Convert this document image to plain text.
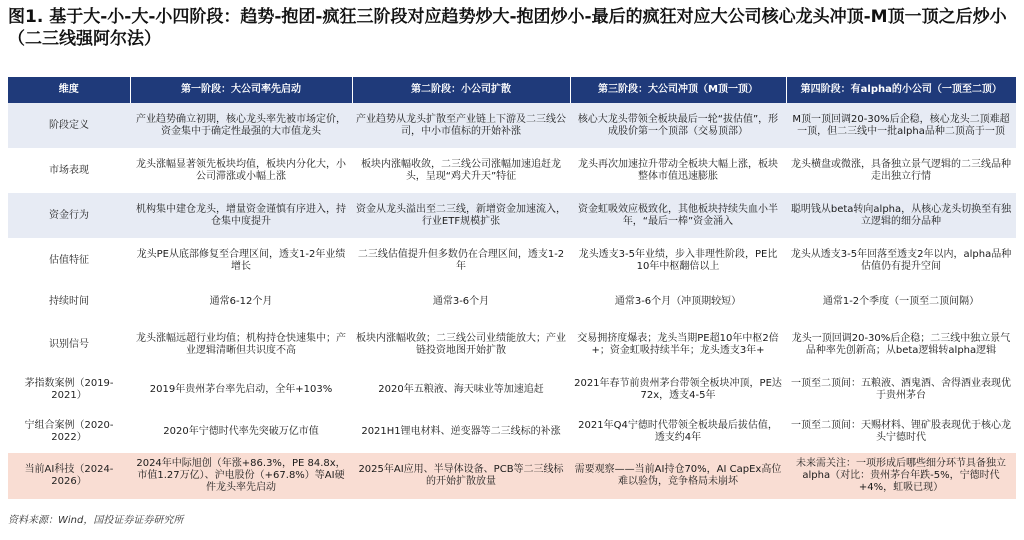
图1. 基于大-小-大-小四阶段：趋势-抱团-疯狂三阶段对应趋势炒大-抱团炒小-最后的疯狂对应大公司核心龙头冲顶-M顶一顶之后炒小（二三线强阿尔法）
维度	第一阶段：大公司率先启动	第二阶段：小公司扩散	第三阶段：大公司冲顶（M顶一顶）	第四阶段：有alpha的小公司（一顶至二顶）
阶段定义	产业趋势确立初期，核心龙头率先被市场定价，资金集中于确定性最强的大市值龙头	产业趋势从龙头扩散至产业链上下游及二三线公司，中小市值标的开始补涨	核心大龙头带领全板块最后一轮“拔估值”，形成股价第一个顶部（交易顶部）	M顶一顶回调20-30%后企稳，核心龙头二顶难超一顶，但二三线中一批alpha品种二顶高于一顶
市场表现	龙头涨幅显著领先板块均值，板块内分化大，小公司滞涨或小幅上涨	板块内涨幅收敛，二三线公司涨幅加速追赶龙头，呈现“鸡犬升天”特征	龙头再次加速拉升带动全板块大幅上涨，板块整体市值迅速膨胀	龙头横盘或微涨，具备独立景气逻辑的二三线品种走出独立行情
资金行为	机构集中建仓龙头，增量资金谨慎有序进入，持仓集中度提升	资金从龙头溢出至二三线，新增资金加速流入，行业ETF规模扩张	资金虹吸效应极致化，其他板块持续失血小半年，“最后一棒”资金涌入	聪明钱从beta转向alpha，从核心龙头切换至有独立逻辑的细分品种
估值特征	龙头PE从底部修复至合理区间，透支1-2年业绩增长	二三线估值提升但多数仍在合理区间，透支1-2年	龙头透支3-5年业绩，步入非理性阶段，PE比10年中枢翻倍以上	龙头从透支3-5年回落至透支2年以内，alpha品种估值仍有提升空间
持续时间	通常6-12个月	通常3-6个月	通常3-6个月（冲顶期较短）	通常1-2个季度（一顶至二顶间隔）
识别信号	龙头涨幅远超行业均值；机构持仓快速集中；产业逻辑清晰但共识度不高	板块内涨幅收敛；二三线公司业绩能放大；产业链投资地图开始扩散	交易拥挤度爆表；龙头当期PE超10年中枢2倍+；资金虹吸持续半年；龙头透支3年+	龙头一顶回调20-30%后企稳；二三线中独立景气品种率先创新高；从beta逻辑转alpha逻辑
茅指数案例（2019-2021）	2019年贵州茅台率先启动，全年+103%	2020年五粮液、海天味业等加速追赶	2021年春节前贵州茅台带领全板块冲顶，PE达72x，透支4-5年	一顶至二顶间：五粮液、酒鬼酒、舍得酒业表现优于贵州茅台
宁组合案例（2020-2022）	2020年宁德时代率先突破万亿市值	2021H1锂电材料、逆变器等二三线标的补涨	2021年Q4宁德时代带领全板块最后拔估值，透支约4年	一顶至二顶间：天赐材料、锂矿股表现优于核心龙头宁德时代
当前AI科技（2024-2026）	2024年中际旭创（年涨+86.3%，PE 84.8x，市值1.27万亿）、沪电股份（+67.8%）等AI硬件龙头率先启动	2025年AI应用、半导体设备、PCB等二三线标的开始扩散放量	需要观察——当前AI持仓70%，AI CapEx高位难以验伪，竞争格局未崩坏	未来需关注：一项形成后哪些细分环节具备独立alpha（对比：贵州茅台年跌-5%，宁德时代+4%，虹吸已现）
资料来源：Wind，国投证券证券研究所
